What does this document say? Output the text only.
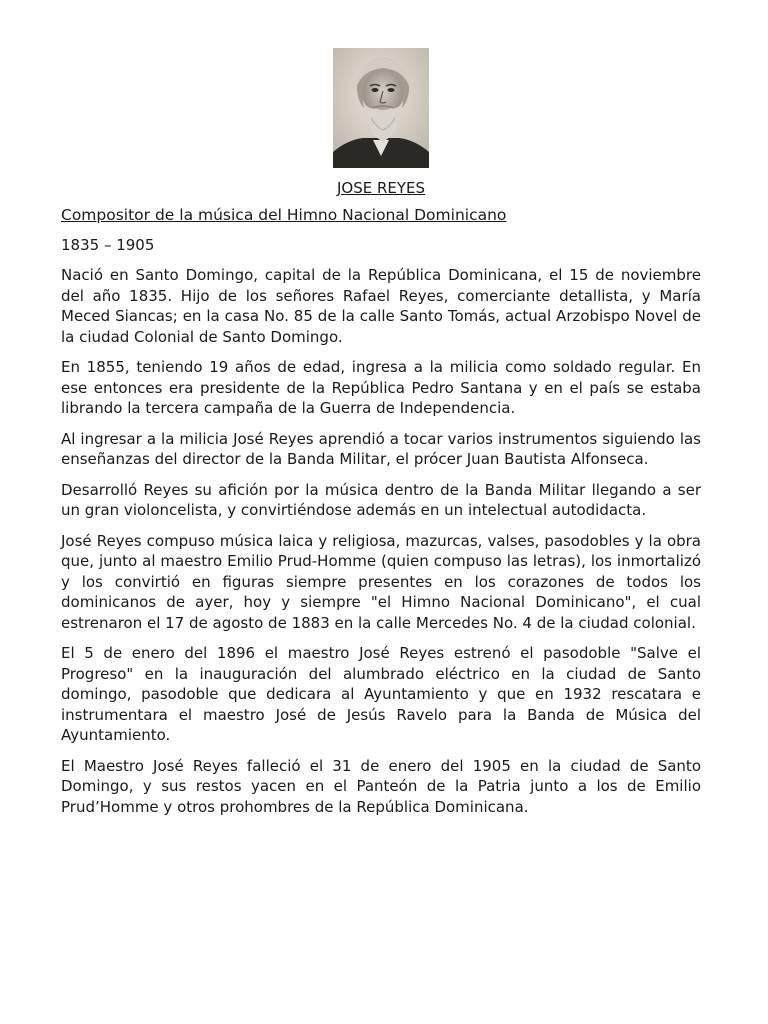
JOSE REYES
Compositor de la música del Himno Nacional Dominicano
1835 – 1905

Nació en Santo Domingo, capital de la República Dominicana, el 15 de noviembre del año 1835. Hijo de los señores Rafael Reyes, comerciante detallista, y María Meced Siancas; en la casa No. 85 de la calle Santo Tomás, actual Arzobispo Novel de la ciudad Colonial de Santo Domingo.

En 1855, teniendo 19 años de edad, ingresa a la milicia como soldado regular. En ese entonces era presidente de la República Pedro Santana y en el país se estaba librando la tercera campaña de la Guerra de Independencia.

Al ingresar a la milicia José Reyes aprendió a tocar varios instrumentos siguiendo las enseñanzas del director de la Banda Militar, el prócer Juan Bautista Alfonseca.

Desarrolló Reyes su afición por la música dentro de la Banda Militar llegando a ser un gran violoncelista, y convirtiéndose además en un intelectual autodidacta.

José Reyes compuso música laica y religiosa, mazurcas, valses, pasodobles y la obra que, junto al maestro Emilio Prud-Homme (quien compuso las letras), los inmortalizó y los convirtió en figuras siempre presentes en los corazones de todos los dominicanos de ayer, hoy y siempre "el Himno Nacional Dominicano", el cual estrenaron el 17 de agosto de 1883 en la calle Mercedes No. 4 de la ciudad colonial.

El 5 de enero del 1896 el maestro José Reyes estrenó el pasodoble "Salve el Progreso" en la inauguración del alumbrado eléctrico en la ciudad de Santo domingo, pasodoble que dedicara al Ayuntamiento y que en 1932 rescatara e instrumentara el maestro José de Jesús Ravelo para la Banda de Música del Ayuntamiento.

El Maestro José Reyes falleció el 31 de enero del 1905 en la ciudad de Santo Domingo, y sus restos yacen en el Panteón de la Patria junto a los de Emilio Prud’Homme y otros prohombres de la República Dominicana.
